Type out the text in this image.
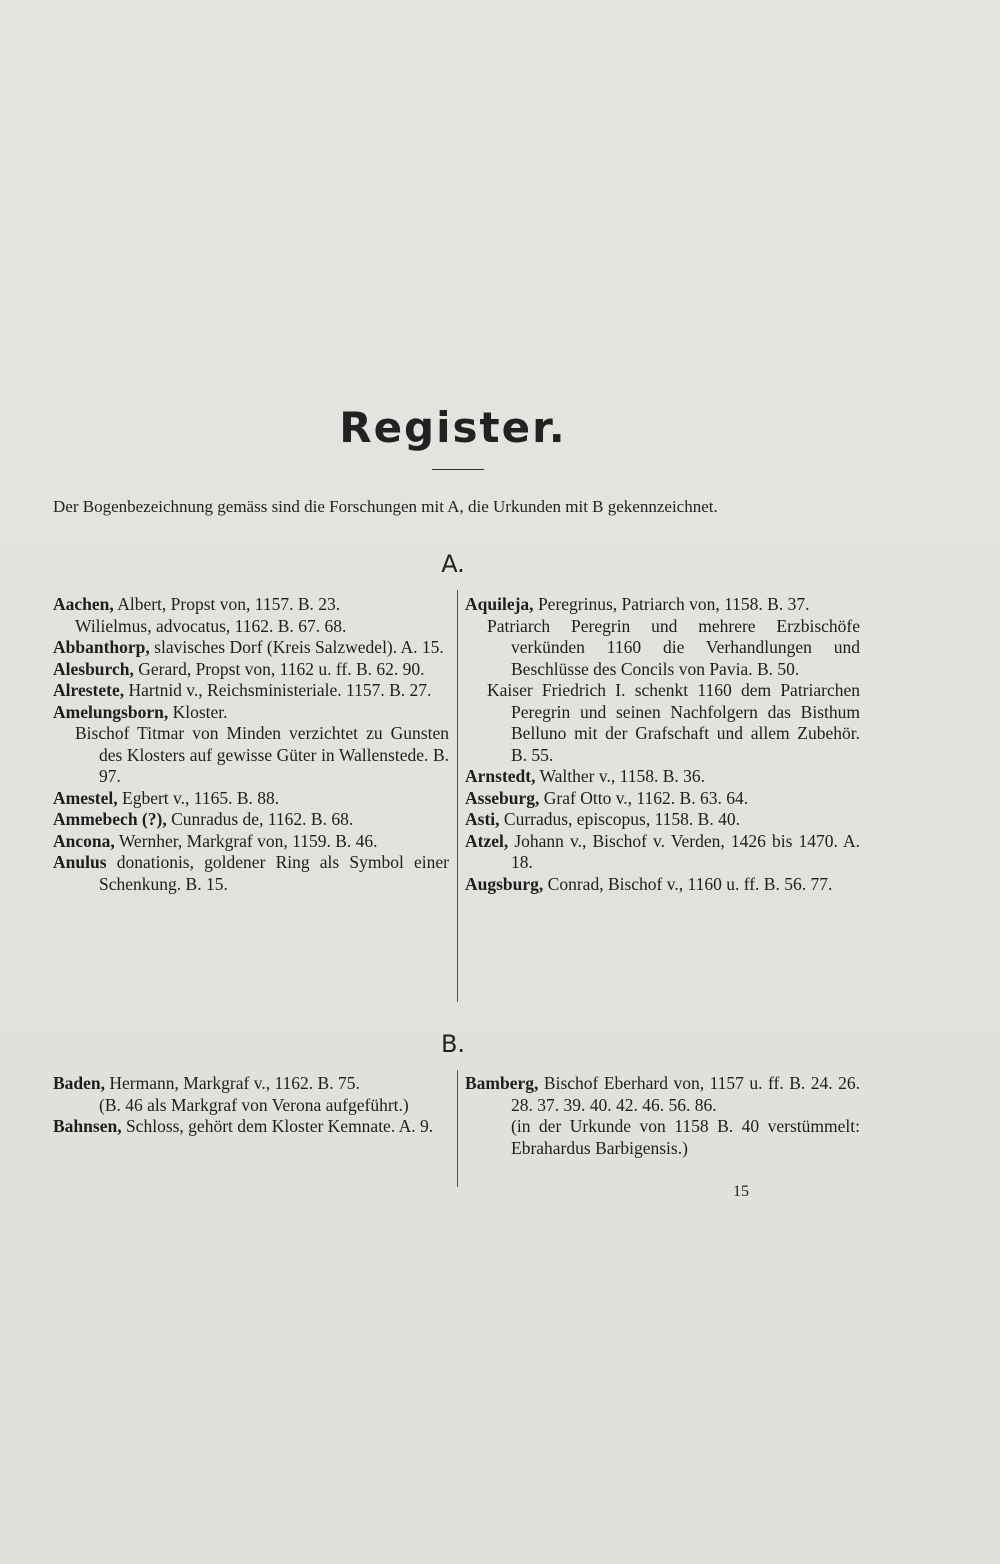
Register.
Der Bogenbezeichnung gemäss sind die Forschungen mit A, die Urkunden mit B gekennzeichnet.
A.
Aachen, Albert, Propst von, 1157. B. 23.
Wilielmus, advocatus, 1162. B. 67. 68.
Abbanthorp, slavisches Dorf (Kreis Salzwedel). A. 15.
Alesburch, Gerard, Propst von, 1162 u. ff. B. 62. 90.
Alrestete, Hartnid v., Reichsministeriale. 1157. B. 27.
Amelungsborn, Kloster.
Bischof Titmar von Minden verzichtet zu Gunsten des Klosters auf gewisse Güter in Wallenstede. B. 97.
Amestel, Egbert v., 1165. B. 88.
Ammebech (?), Cunradus de, 1162. B. 68.
Ancona, Wernher, Markgraf von, 1159. B. 46.
Anulus donationis, goldener Ring als Symbol einer Schenkung. B. 15.
Aquileja, Peregrinus, Patriarch von, 1158. B. 37.
Patriarch Peregrin und mehrere Erzbischöfe verkünden 1160 die Verhandlungen und Beschlüsse des Concils von Pavia. B. 50.
Kaiser Friedrich I. schenkt 1160 dem Patriarchen Peregrin und seinen Nachfolgern das Bisthum Belluno mit der Grafschaft und allem Zubehör. B. 55.
Arnstedt, Walther v., 1158. B. 36.
Asseburg, Graf Otto v., 1162. B. 63. 64.
Asti, Curradus, episcopus, 1158. B. 40.
Atzel, Johann v., Bischof v. Verden, 1426 bis 1470. A. 18.
Augsburg, Conrad, Bischof v., 1160 u. ff. B. 56. 77.
B.
Baden, Hermann, Markgraf v., 1162. B. 75.
(B. 46 als Markgraf von Verona aufgeführt.)
Bahnsen, Schloss, gehört dem Kloster Kemnate. A. 9.
Bamberg, Bischof Eberhard von, 1157 u. ff. B. 24. 26. 28. 37. 39. 40. 42. 46. 56. 86.
(in der Urkunde von 1158 B. 40 verstümmelt: Ebrahardus Barbigensis.)
15
